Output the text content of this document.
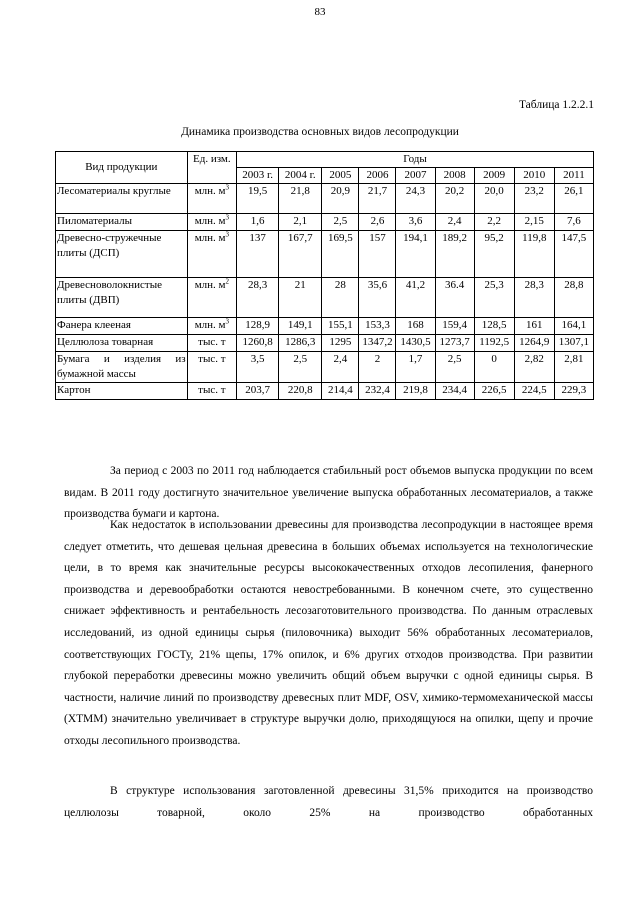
83
Таблица 1.2.2.1
Динамика производства основных видов лесопродукции
Вид продукции	Ед. изм.	Годы								
		2003 г.	2004 г.	2005	2006	2007	2008	2009	2010	2011
Лесоматериалы круглые	млн. $м^3$	19,5	21,8	20,9	21,7	24,3	20,2	20,0	23,2	26,1
Пиломатериалы	млн. $м^3$	1,6	2,1	2,5	2,6	3,6	2,4	2,2	2,15	7,6
Древесно-стружечные плиты (ДСП)	млн. $м^3$	137	167,7	169,5	157	194,1	189,2	95,2	119,8	147,5
Древесноволокнистые плиты (ДВП)	млн. $м^2$	28,3	21	28	35,6	41,2	36.4	25,3	28,3	28,8
Фанера клееная	млн. $м^3$	128,9	149,1	155,1	153,3	168	159,4	128,5	161	164,1
Целлюлоза товарная	тыс. т	1260,8	1286,3	1295	1347,2	1430,5	1273,7	1192,5	1264,9	1307,1
Бумага и изделия из бумажной массы	тыс. т	3,5	2,5	2,4	2	1,7	2,5	0	2,82	2,81
Картон	тыс. т	203,7	220,8	214,4	232,4	219,8	234,4	226,5	224,5	229,3

За период с 2003 по 2011 год наблюдается стабильный рост объемов выпуска продукции по всем видам. В 2011 году достигнуто значительное увеличение выпуска обработанных лесоматериалов, а также производства бумаги и картона.

Как недостаток в использовании древесины для производства лесопродукции в настоящее время следует отметить, что дешевая цельная древесина в больших объемах используется на технологические цели, в то время как значительные ресурсы высококачественных отходов лесопиления, фанерного производства и деревообработки остаются невостребованными. В конечном счете, это существенно снижает эффективность и рентабельность лесозаготовительного производства. По данным отраслевых исследований, из одной единицы сырья (пиловочника) выходит 56% обработанных лесоматериалов, соответствующих ГОСТу, 21% щепы, 17% опилок, и 6% других отходов производства. При развитии глубокой переработки древесины можно увеличить общий объем выручки с одной единицы сырья. В частности, наличие линий по производству древесных плит MDF, OSV, химико-термомеханической массы (ХТММ) значительно увеличивает в структуре выручки долю, приходящуюся на опилки, щепу и прочие отходы лесопильного производства.

В структуре использования заготовленной древесины 31,5% приходится на производство целлюлозы товарной, около 25% на производство обработанных
